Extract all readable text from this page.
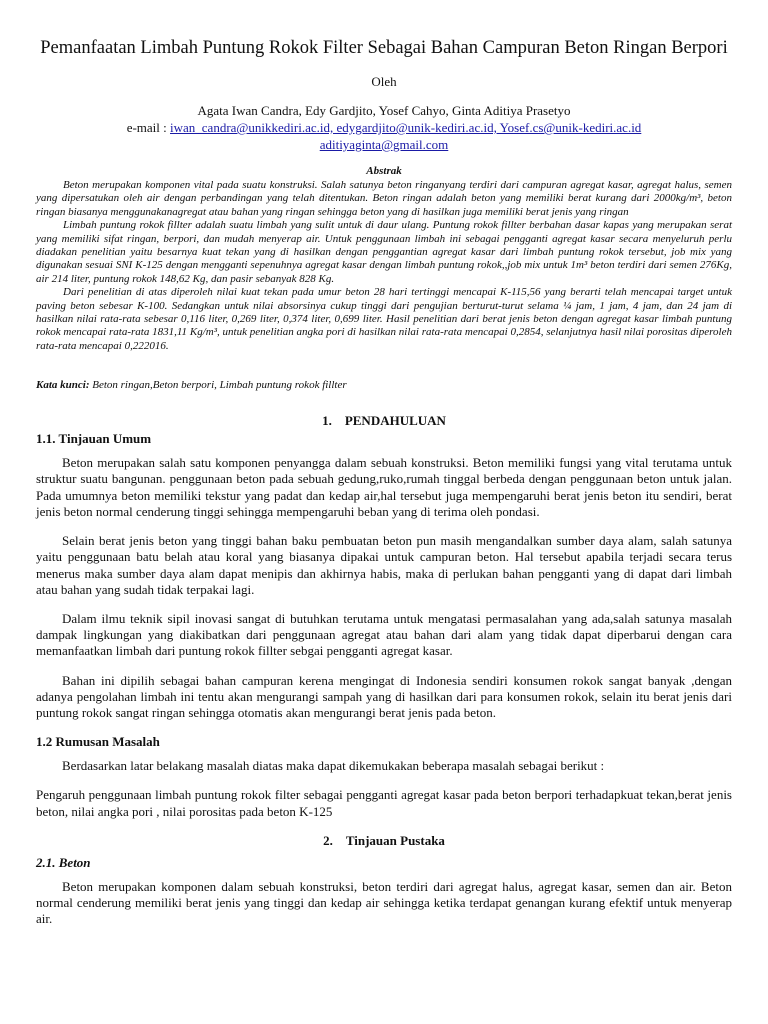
Pemanfaatan Limbah Puntung Rokok Filter Sebagai Bahan Campuran Beton Ringan Berpori
Oleh
Agata Iwan Candra, Edy Gardjito, Yosef Cahyo, Ginta Aditiya Prasetyo
e-mail : iwan_candra@unikkediri.ac.id, edygardjito@unik-kediri.ac.id, Yosef.cs@unik-kediri.ac.id
aditiyaginta@gmail.com
Abstrak

Beton merupakan komponen vital pada suatu konstruksi. Salah satunya beton ringanyang terdiri dari campuran agregat kasar, agregat halus, semen yang dipersatukan oleh air dengan perbandingan yang telah ditentukan. Beton ringan adalah beton yang memiliki berat kurang dari 2000kg/m³, beton ringan biasanya menggunakanagregat atau bahan yang ringan sehingga beton yang di hasilkan juga memiliki berat jenis yang ringan

Limbah puntung rokok fillter adalah suatu limbah yang sulit untuk di daur ulang. Puntung rokok fillter berbahan dasar kapas yang merupakan serat yang memiliki sifat ringan, berpori, dan mudah menyerap air. Untuk penggunaan limbah ini sebagai pengganti agregat kasar secara menyeluruh perlu diadakan penelitian yaitu besarnya kuat tekan yang di hasilkan dengan penggantian agregat kasar dari limbah puntung rokok tersebut, job mix yang digunakan sesuai SNI K-125 dengan mengganti sepenuhnya agregat kasar dengan limbah puntung rokok,,job mix untuk 1m³ beton terdiri dari semen 276Kg, air 214 liter, puntung rokok 148,62 Kg, dan pasir sebanyak 828 Kg.

Dari penelitian di atas diperoleh nilai kuat tekan pada umur beton 28 hari tertinggi mencapai K-115,56 yang berarti telah mencapai target untuk paving beton sebesar K-100. Sedangkan untuk nilai absorsinya cukup tinggi dari pengujian berturut-turut selama ¼ jam, 1 jam, 4 jam, dan 24 jam di hasilkan nilai rata-rata sebesar 0,116 liter, 0,269 liter, 0,374 liter, 0,699 liter. Hasil penelitian dari berat jenis beton dengan agregat kasar limbah puntung rokok mencapai rata-rata 1831,11 Kg/m³, untuk penelitian angka pori di hasilkan nilai rata-rata mencapai 0,2854, selanjutnya hasil nilai porositas diperoleh rata-rata mencapai 0,222016.

Kata kunci: Beton ringan,Beton berpori, Limbah puntung rokok fillter
1.    PENDAHULUAN
1.1. Tinjauan Umum

Beton merupakan salah satu komponen penyangga dalam sebuah konstruksi. Beton memiliki fungsi yang vital terutama untuk struktur suatu bangunan. penggunaan beton pada sebuah gedung,ruko,rumah tinggal berbeda dengan penggunaan beton untuk jalan. Pada umumnya beton memiliki tekstur yang padat dan kedap air,hal tersebut juga mempengaruhi berat jenis beton itu sendiri, berat jenis beton normal cenderung tinggi sehingga mempengaruhi beban yang di terima oleh pondasi.

Selain berat jenis beton yang tinggi bahan baku pembuatan beton pun masih mengandalkan sumber daya alam, salah satunya yaitu penggunaan batu belah atau koral yang biasanya dipakai untuk campuran beton. Hal tersebut apabila terjadi secara terus menerus maka sumber daya alam dapat menipis dan akhirnya habis, maka di perlukan bahan pengganti yang di dapat dari limbah atau bahan yang sudah tidak terpakai lagi.

Dalam ilmu teknik sipil inovasi sangat di butuhkan terutama untuk mengatasi permasalahan yang ada,salah satunya masalah dampak lingkungan yang diakibatkan dari penggunaan agregat atau bahan dari alam yang tidak dapat diperbarui dengan cara memanfaatkan limbah dari puntung rokok fillter sebgai pengganti agregat kasar.

Bahan ini dipilih sebagai bahan campuran kerena mengingat di Indonesia sendiri konsumen rokok sangat banyak ,dengan adanya pengolahan limbah ini tentu akan mengurangi sampah yang di hasilkan dari para konsumen rokok, selain itu berat jenis dari puntung rokok sangat ringan sehingga otomatis akan mengurangi berat jenis pada beton.

1.2 Rumusan Masalah

Berdasarkan latar belakang masalah diatas maka dapat dikemukakan beberapa masalah sebagai berikut :

Pengaruh penggunaan limbah puntung rokok filter sebagai pengganti agregat kasar pada beton berpori terhadapkuat tekan,berat jenis beton, nilai angka pori , nilai porositas pada beton K-125

2.    Tinjauan Pustaka
2.1. Beton

Beton merupakan komponen dalam sebuah konstruksi, beton terdiri dari agregat halus, agregat kasar, semen dan air. Beton normal cenderung memiliki berat jenis yang tinggi dan kedap air sehingga ketika terdapat genangan kurang efektif untuk menyerap air.
